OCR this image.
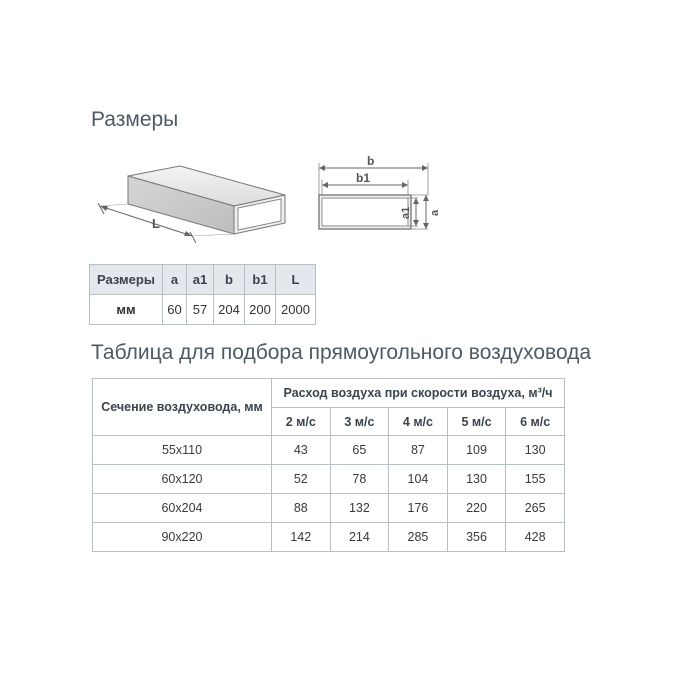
Размеры
L
b
b1
a1 a
Размеры	a	a1	b	b1	L
мм	60	57	204	200	2000
Таблица для подбора прямоугольного воздуховода
Сечение воздуховода, мм	Расход воздуха при скорости воздуха, м³/ч				
	2 м/с	3 м/с	4 м/с	5 м/с	6 м/с
55x110	43	65	87	109	130
60x120	52	78	104	130	155
60x204	88	132	176	220	265
90x220	142	214	285	356	428
